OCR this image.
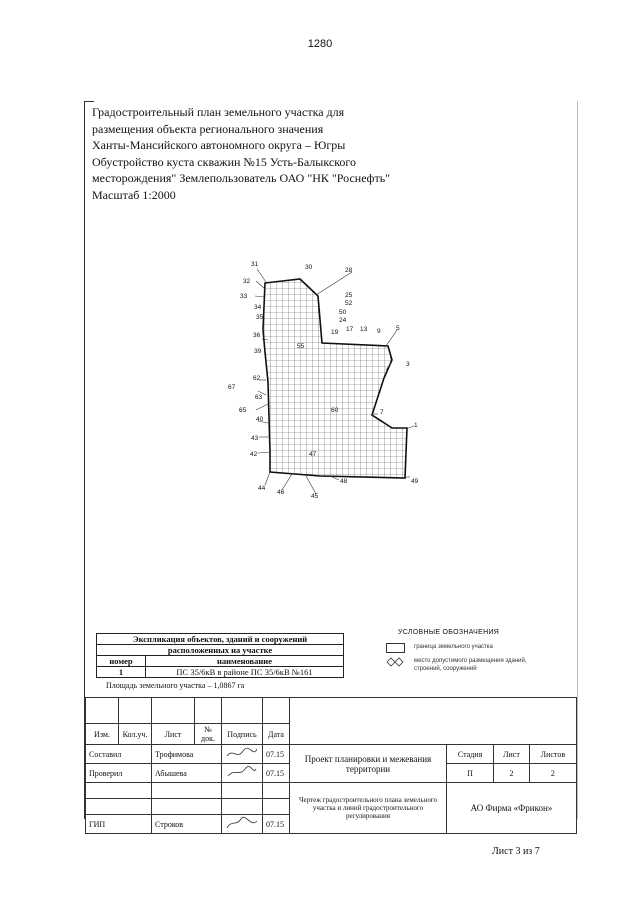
1280
Градостроительный план земельного участка для
размещения объекта регионального значения
Ханты-Мансийского автономного округа – Югры
Обустройство куста скважин №15 Усть-Балыкского
месторождения" Землепользователь ОАО "НК "Роснефть"
Масштаб 1:2000
31	30	28
32
33	25
34
52
35
50
24
19 17 13 9 5
36
55
39
3
62
67
63
65	60	7
40
1
43
42	47
44
46
45
48	49
Экспликация объектов, зданий и сооружений	
расположенных на участке	
номер	наименование
1	ПС 35/6кВ в районе ПС 35/6кВ №161
Площадь земельного участка – 1,0867 га
УСЛОВНЫЕ ОБОЗНАЧЕНИЯ
граница земельного участка
место допустимого размещения зданий, строений, сооружений

Изм.	Кол.уч.	Лист	№ док.	Подпись	Дата				
Составил		Трофимова			07.15	Проект планировки и межевания территории	Стадия	Лист	Листов
Проверил		Абышева			07.15		П	2	2
						Чертеж градостроительного плана земельного участка и линий градостроительного регулирования	АО Фирма «Фрикон»		

ГИП		Строков			07.15				
Лист 3 из 7
